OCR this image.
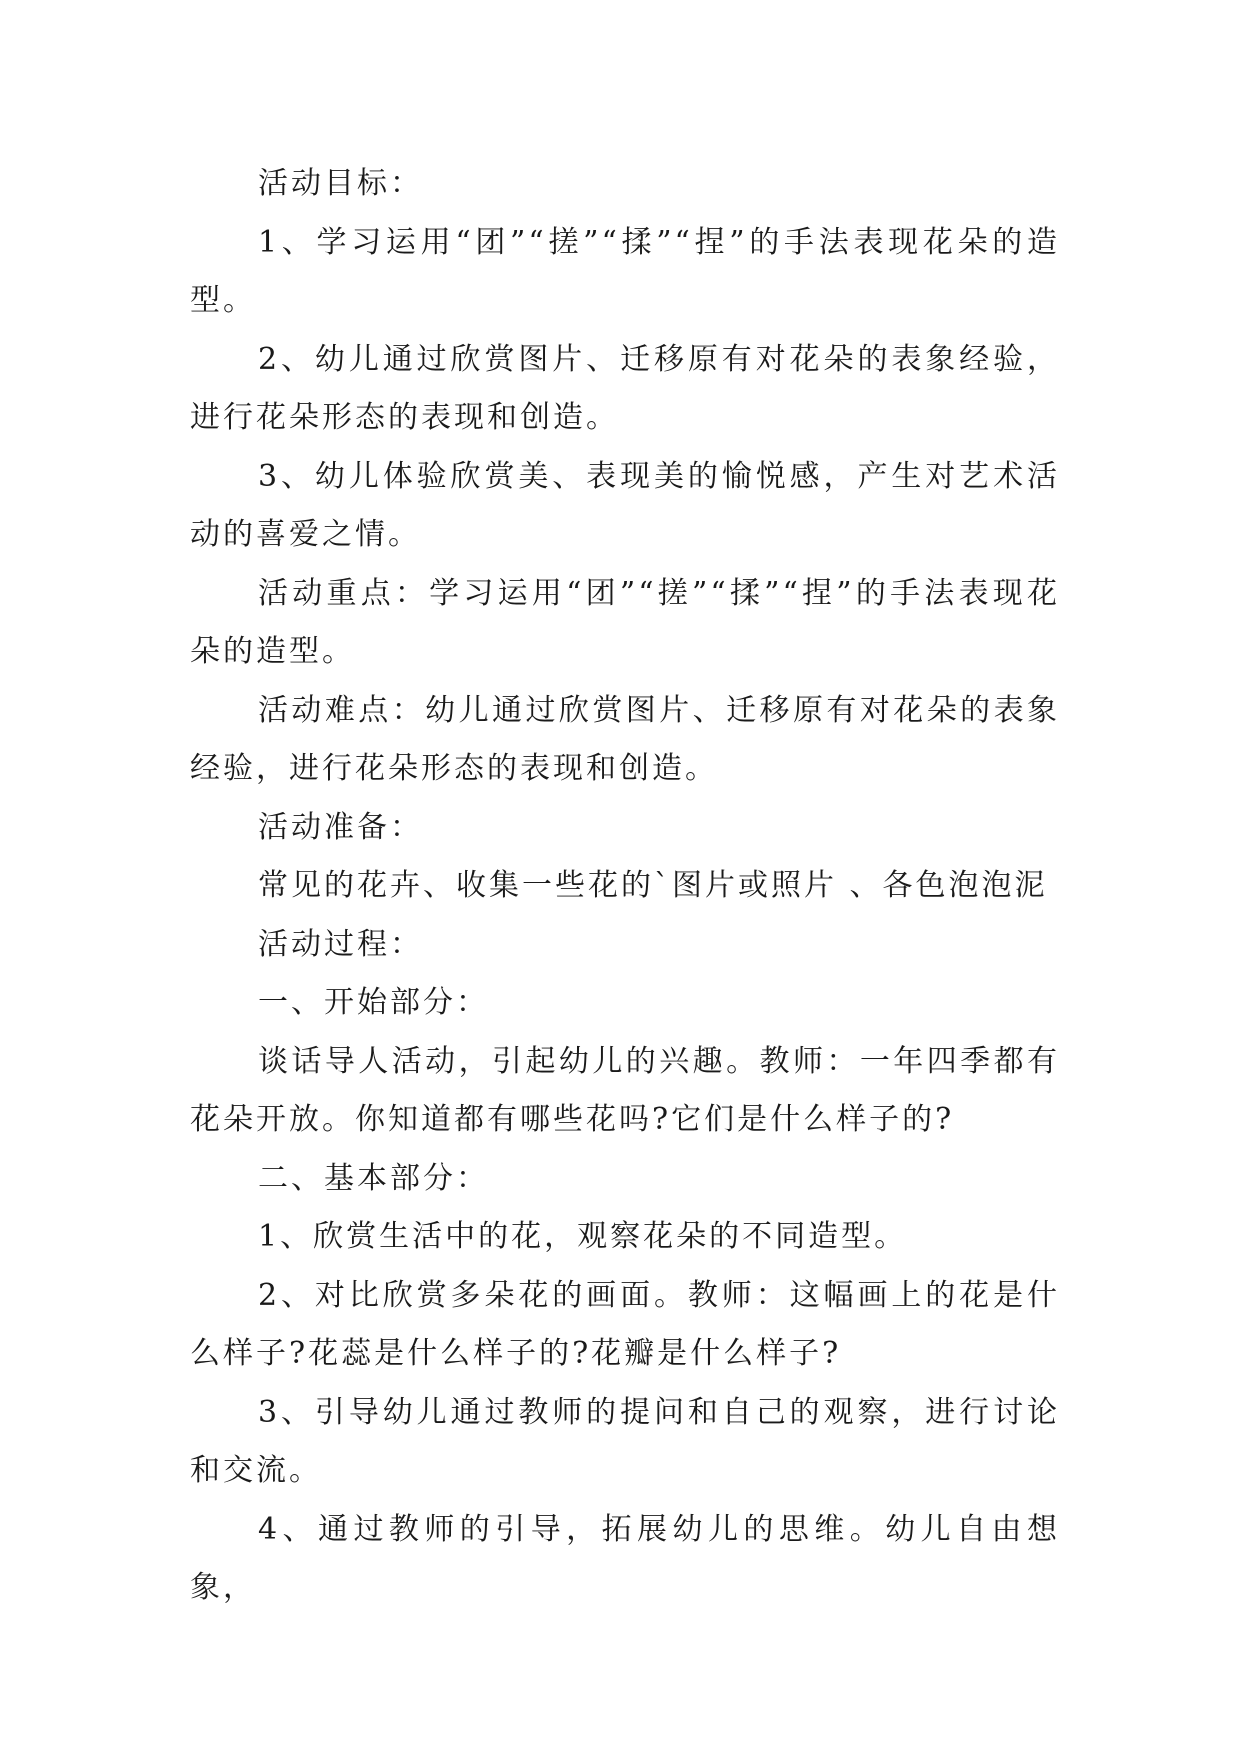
活动目标：

1、学习运用“团”“搓”“揉”“捏”的手法表现花朵的造型。

2、幼儿通过欣赏图片、迁移原有对花朵的表象经验，进行花朵形态的表现和创造。

3、幼儿体验欣赏美、表现美的愉悦感，产生对艺术活动的喜爱之情。

活动重点：学习运用“团”“搓”“揉”“捏”的手法表现花朵的造型。

活动难点：幼儿通过欣赏图片、迁移原有对花朵的表象经验，进行花朵形态的表现和创造。

活动准备：

常见的花卉、收集一些花的`图片或照片 、各色泡泡泥

活动过程：

一、开始部分：

谈话导人活动，引起幼儿的兴趣。教师：一年四季都有花朵开放。你知道都有哪些花吗?它们是什么样子的?

二、基本部分：

1、欣赏生活中的花，观察花朵的不同造型。

2、对比欣赏多朵花的画面。教师：这幅画上的花是什么样子?花蕊是什么样子的?花瓣是什么样子?

3、引导幼儿通过教师的提问和自己的观察，进行讨论和交流。

4、通过教师的引导，拓展幼儿的思维。幼儿自由想象，
